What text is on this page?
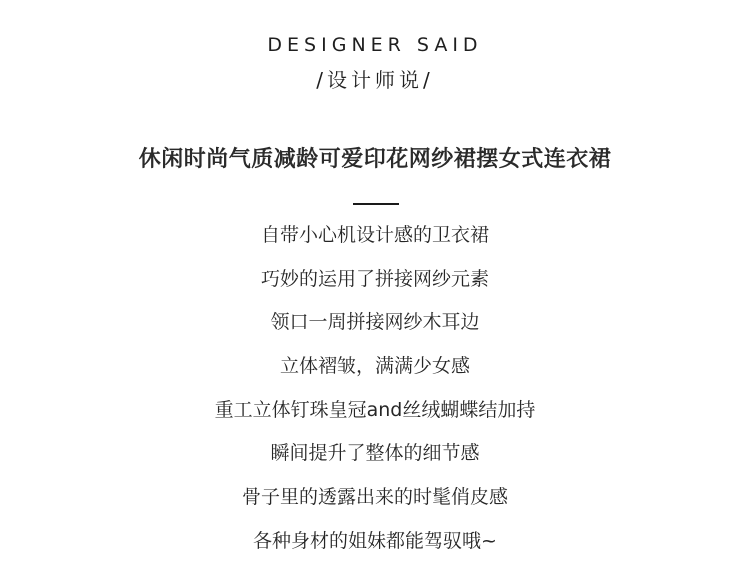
DESIGNER SAID
/设计师说/
休闲时尚气质减龄可爱印花网纱裙摆女式连衣裙
自带小心机设计感的卫衣裙
巧妙的运用了拼接网纱元素
领口一周拼接网纱木耳边
立体褶皱，满满少女感
重工立体钉珠皇冠and丝绒蝴蝶结加持
瞬间提升了整体的细节感
骨子里的透露出来的时髦俏皮感
各种身材的姐妹都能驾驭哦~
